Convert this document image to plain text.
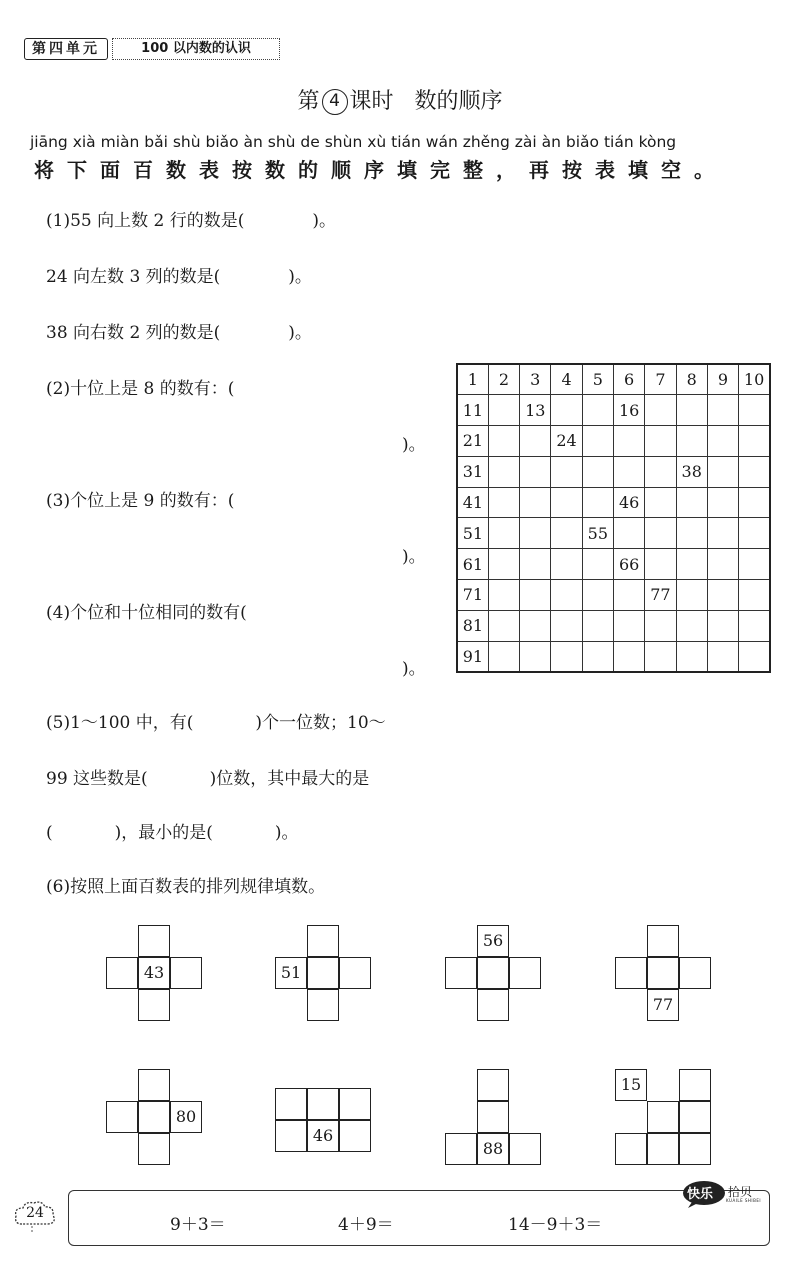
第四单元	100 以内数的认识
第 4 课时 数的顺序
jiāng xià miàn bǎi shù biǎo àn shù de shùn xù tián wán zhěng zài àn biǎo tián kòng
将下面百数表按数的顺序填完整，再按表填空。
(1)55 向上数 2 行的数是(	)。
24 向左数 3 列的数是(	)。
38 向右数 2 列的数是(	)。
(2)十位上是 8 的数有：(
)。
(3)个位上是 9 的数有：(
)。
(4)个位和十位相同的数有(
)。
(5)1～100 中，有(	)个一位数；10～
99 这些数是(	)位数，其中最大的是
(	)，最小的是(	)。
(6)按照上面百数表的排列规律填数。
1	2	3	4	5	6	7	8	9	10
11		13			16				
21			24						
31							38		
41					46				
51				55					
61					66				
71						77			
81									
91									
43	51
56
77
80
46
88
15
24
快乐 拾贝
KUAILE SHIBEI
9＋3＝	4＋9＝	14－9＋3＝
